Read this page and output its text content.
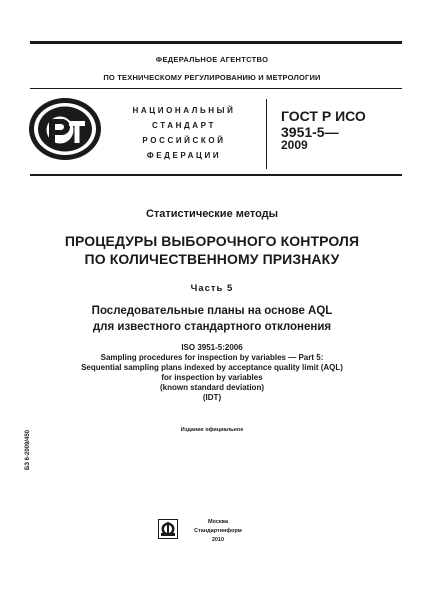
ФЕДЕРАЛЬНОЕ АГЕНТСТВО
ПО ТЕХНИЧЕСКОМУ РЕГУЛИРОВАНИЮ И МЕТРОЛОГИИ
НАЦИОНАЛЬНЫЙ
СТАНДАРТ
РОССИЙСКОЙ
ФЕДЕРАЦИИ
ГОСТ Р ИСО
3951-5—
2009
Статистические методы
ПРОЦЕДУРЫ ВЫБОРОЧНОГО КОНТРОЛЯ
ПО КОЛИЧЕСТВЕННОМУ ПРИЗНАКУ
Часть 5
Последовательные планы на основе AQL
для известного стандартного отклонения
ISO 3951-5:2006
Sampling procedures for inspection by variables — Part 5:
Sequential sampling plans indexed by acceptance quality limit (AQL)
for inspection by variables
(known standard deviation)
(IDT)
Издание официальное
БЗ 6-2009/450
Москва
Стандартинформ
2010
